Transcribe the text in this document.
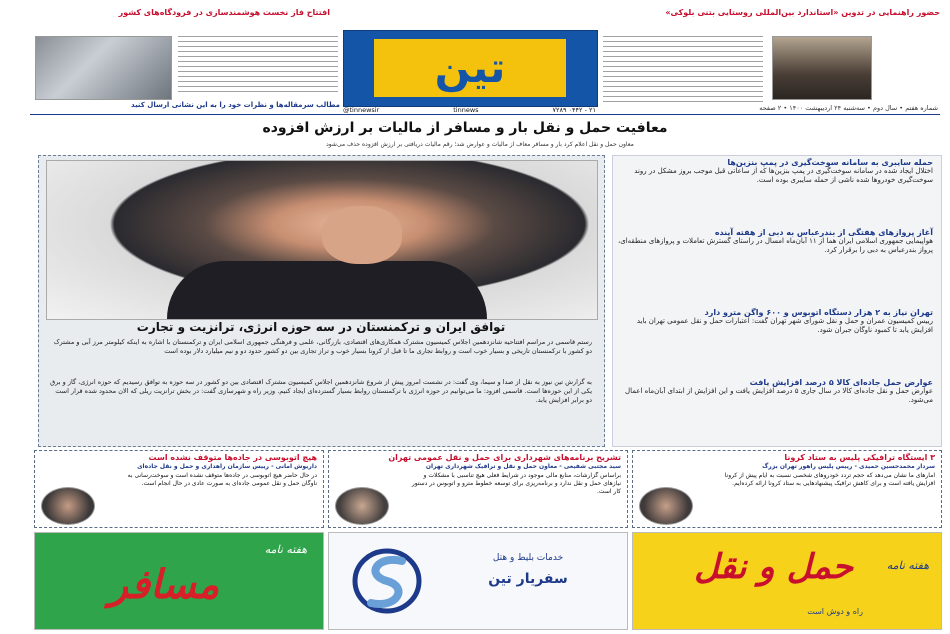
افتتاح فاز نخست هوشمندسازی در فرودگاه‌های کشور	حضور راهنمایی در تدوین «استاندارد بین‌المللی روستایی بتنی بلوکی»
مطالب سرمقاله‌ها و نظرات خود را به این نشانی ارسال کنید
تین
@tinnewsir	tinnews	۷۲۸۹ ۰۴۴۲ - ۲۱	شماره هفتم • سال دوم • سه‌شنبه ۲۴ اردیبهشت ۱۴۰۰ • ۲ صفحه
معافیت حمل و نقل بار و مسافر از مالیات بر ارزش افزوده
معاون حمل و نقل اعلام کرد بار و مسافر معاف از مالیات و عوارض شد؛ رقم مالیات دریافتی بر ارزش افزوده حذف می‌شود
توافق ایران و ترکمنستان در سه حوزه انرژی، ترانزیت و تجارت
رستم قاسمی در مراسم افتتاحیه شانزدهمین اجلاس کمیسیون مشترک همکاری‌های اقتصادی، بازرگانی، علمی و فرهنگی جمهوری اسلامی ایران و ترکمنستان با اشاره به اینکه کیلومتر مرز آبی و مشترک دو کشور با ترکمنستان تاریخی و بسیار خوب است و روابط تجاری ما تا قبل از کرونا بسیار خوب و تراز تجاری بین دو کشور حدود دو و نیم میلیارد دلار بوده است
به گزارش تین نیوز به نقل از صدا و سیما، وی گفت: در نشست امروز پیش از شروع شانزدهمین اجلاس کمیسیون مشترک اقتصادی بین دو کشور در سه حوزه به توافق رسیدیم که حوزه انرژی، گاز و برق یکی از این حوزه‌ها است. قاسمی افزود: ما می‌توانیم در حوزه انرژی با ترکمنستان روابط بسیار گسترده‌ای ایجاد کنیم. وزیر راه و شهرسازی گفت: در بخش ترانزیت ریلی که الان محدود شده قرار است دو برابر افزایش یابد.
حمله سایبری به سامانه سوخت‌گیری در پمپ بنزین‌ها
اختلال ایجاد شده در سامانه سوخت‌گیری در پمپ بنزین‌ها که از ساعاتی قبل موجب بروز مشکل در روند سوخت‌گیری خودروها شده ناشی از حمله سایبری بوده است.
آغاز پروازهای هفتگی از بندرعباس به دبی از هفته آینده
هواپیمایی جمهوری اسلامی ایران هما از ۱۱ آبان‌ماه امسال در راستای گسترش تعاملات و پروازهای منطقه‌ای، پرواز بندرعباس به دبی را برقرار کرد.
تهران نیاز به ۲ هزار دستگاه اتوبوس و ۶۰۰ واگن مترو دارد
رییس کمیسیون عمران و حمل و نقل شورای شهر تهران گفت: اعتبارات حمل و نقل عمومی تهران باید افزایش یابد تا کمبود ناوگان جبران شود.
عوارض حمل جاده‌ای کالا ۵ درصد افزایش یافت
عوارض حمل و نقل جاده‌ای کالا در سال جاری ۵ درصد افزایش یافت و این افزایش از ابتدای آبان‌ماه اعمال می‌شود.
۳ ایستگاه ترافیکی پلیس به ستاد کرونا
سردار محمدحسین حمیدی - رییس پلیس راهور تهران بزرگ
آمارهای ما نشان می‌دهد که حجم تردد خودروهای شخصی نسبت به ایام پیش از کرونا افزایش یافته است و برای کاهش ترافیک پیشنهادهایی به ستاد کرونا ارائه کرده‌ایم.
تشریح برنامه‌های شهرداری برای حمل و نقل عمومی تهران
سید مجتبی شفیعی - معاون حمل و نقل و ترافیک شهرداری تهران
براساس گزارشات، منابع مالی موجود در شرایط فعلی هیچ تناسبی با مشکلات و نیازهای حمل و نقل ندارد و برنامه‌ریزی برای توسعه خطوط مترو و اتوبوس در دستور کار است.
هیچ اتوبوسی در جاده‌ها متوقف نشده است
داریوش امانی - رییس سازمان راهداری و حمل و نقل جاده‌ای
در حال حاضر هیچ اتوبوسی در جاده‌ها متوقف نشده است و سوخت‌رسانی به ناوگان حمل و نقل عمومی جاده‌ای به صورت عادی در حال انجام است.
هفته نامه
حمل و نقل
راه و دوش است
خدمات بلیط و هتل
سفریار تین
هفته نامه
مسافر
